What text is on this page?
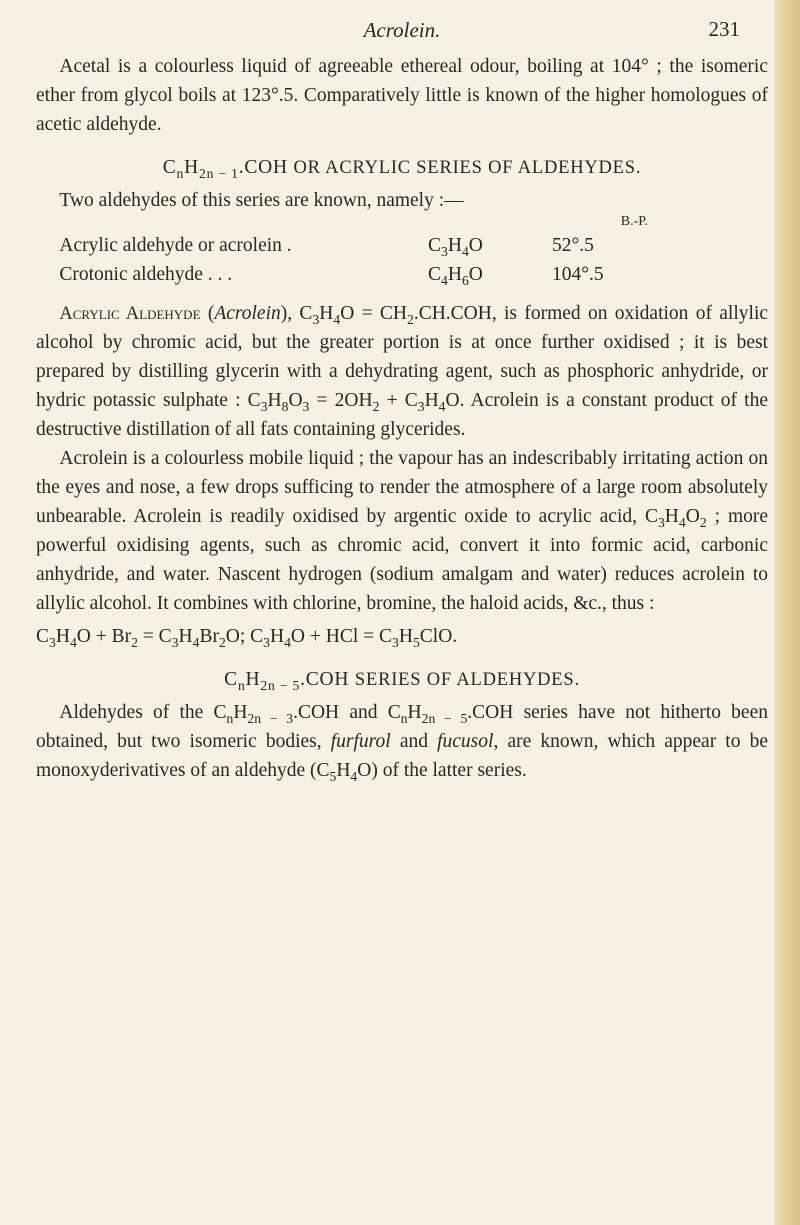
Acrolein.	231

Acetal is a colourless liquid of agreeable ethereal odour, boiling at 104° ; the isomeric ether from glycol boils at 123°.5. Comparatively little is known of the higher homologues of acetic aldehyde.

$C_nH_{2n - 1}.COH$ OR ACRYLIC SERIES OF ALDEHYDES.

Two aldehydes of this series are known, namely :—

B.-P.
Acrylic aldehyde or acrolein .	$C_3H_4O$	52°.5
Crotonic aldehyde . . .	$C_4H_6O$	104°.5

Acrylic Aldehyde (Acrolein), $C_3H_4O = CH_2.CH.COH$, is formed on oxidation of allylic alcohol by chromic acid, but the greater portion is at once further oxidised ; it is best prepared by distilling glycerin with a dehydrating agent, such as phosphoric anhydride, or hydric potassic sulphate : $C_3H_8O_3 = 2OH_2 + C_3H_4O$. Acrolein is a constant product of the destructive distillation of all fats containing glycerides.

Acrolein is a colourless mobile liquid ; the vapour has an indescribably irritating action on the eyes and nose, a few drops sufficing to render the atmosphere of a large room absolutely unbearable. Acrolein is readily oxidised by argentic oxide to acrylic acid, $C_3H_4O_2$ ; more powerful oxidising agents, such as chromic acid, convert it into formic acid, carbonic anhydride, and water. Nascent hydrogen (sodium amalgam and water) reduces acrolein to allylic alcohol. It combines with chlorine, bromine, the haloid acids, &c., thus :

$C_3H_4O + Br_2 = C_3H_4Br_2O$; $C_3H_4O$ + HCl = $C_3H_5ClO$.

$C_nH_{2n - 5}.COH$ SERIES OF ALDEHYDES.

Aldehydes of the $C_nH_{2n - 3}.COH$ and $C_nH_{2n - 5}.COH$ series have not hitherto been obtained, but two isomeric bodies, furfurol and fucusol, are known, which appear to be monoxyderivatives of an aldehyde $(C_5H_4O)$ of the latter series.
